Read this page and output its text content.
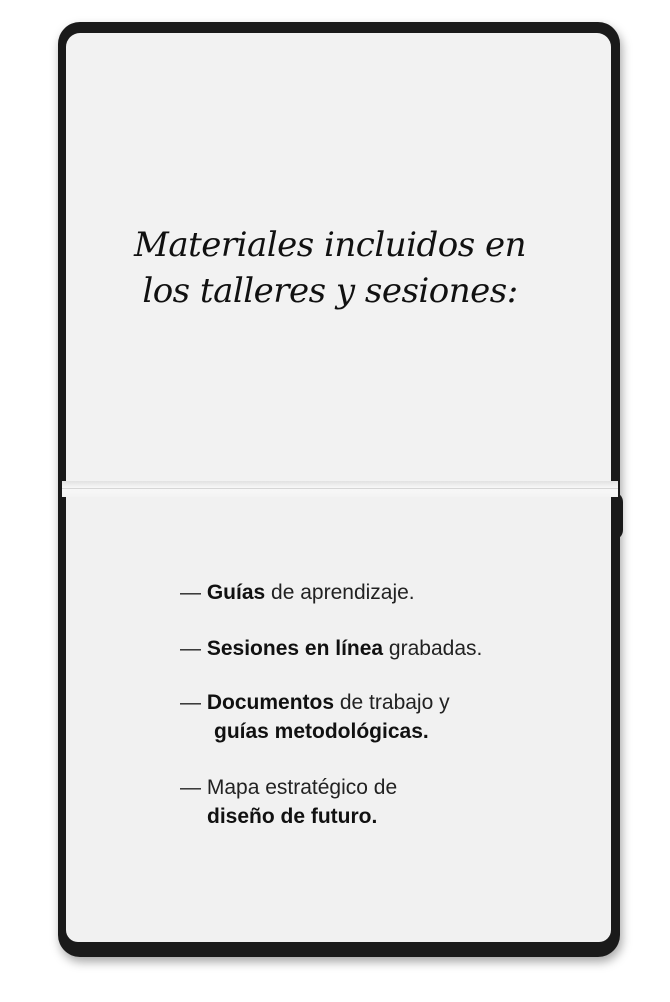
Materiales incluidos en
los talleres y sesiones:
— Guías de aprendizaje.
— Sesiones en línea grabadas.
— Documentos de trabajo y
guías metodológicas.
— Mapa estratégico de
diseño de futuro.
